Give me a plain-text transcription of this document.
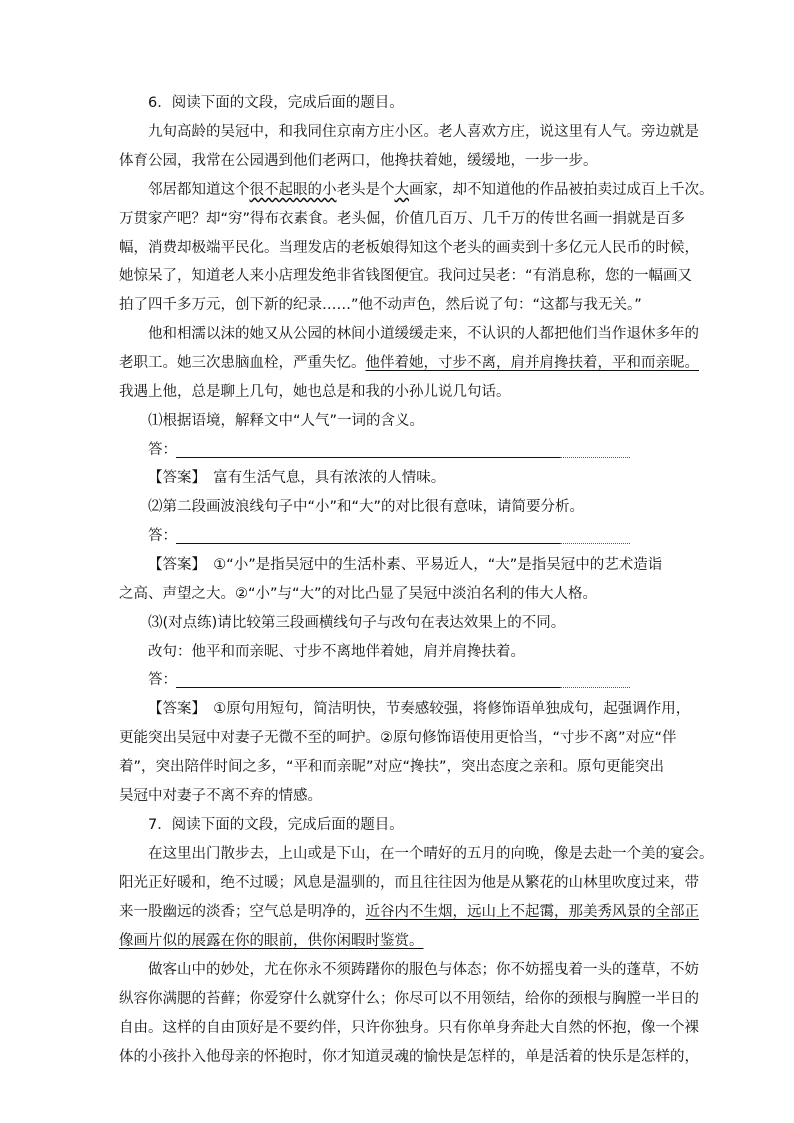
6．阅读下面的文段，完成后面的题目。
九旬高龄的吴冠中，和我同住京南方庄小区。老人喜欢方庄，说这里有人气。旁边就是
体育公园，我常在公园遇到他们老两口，他搀扶着她，缓缓地，一步一步。
邻居都知道这个很不起眼的小老头是个大画家，却不知道他的作品被拍卖过成百上千次。
万贯家产吧？却“穷”得布衣素食。老头倔，价值几百万、几千万的传世名画一捐就是百多
幅，消费却极端平民化。当理发店的老板娘得知这个老头的画卖到十多亿元人民币的时候，
她惊呆了，知道老人来小店理发绝非省钱图便宜。我问过吴老：“有消息称，您的一幅画又
拍了四千多万元，创下新的纪录……”他不动声色，然后说了句：“这都与我无关。”
他和相濡以沫的她又从公园的林间小道缓缓走来，不认识的人都把他们当作退休多年的
老职工。她三次患脑血栓，严重失忆。他伴着她，寸步不离，肩并肩搀扶着，平和而亲昵。
我遇上他，总是聊上几句，她也总是和我的小孙儿说几句话。
⑴根据语境，解释文中“人气”一词的含义。
答：
【答案】　富有生活气息，具有浓浓的人情味。
⑵第二段画波浪线句子中“小”和“大”的对比很有意味，请简要分析。
答：
【答案】　①“小”是指吴冠中的生活朴素、平易近人，“大”是指吴冠中的艺术造诣
之高、声望之大。②“小”与“大”的对比凸显了吴冠中淡泊名利的伟大人格。
⑶(对点练)请比较第三段画横线句子与改句在表达效果上的不同。
改句：他平和而亲昵、寸步不离地伴着她，肩并肩搀扶着。
答：
【答案】　①原句用短句，简洁明快，节奏感较强，将修饰语单独成句，起强调作用，
更能突出吴冠中对妻子无微不至的呵护。②原句修饰语使用更恰当，“寸步不离”对应“伴
着”，突出陪伴时间之多，“平和而亲昵”对应“搀扶”，突出态度之亲和。原句更能突出
吴冠中对妻子不离不弃的情感。
7．阅读下面的文段，完成后面的题目。
在这里出门散步去，上山或是下山，在一个晴好的五月的向晚，像是去赴一个美的宴会。
阳光正好暖和，绝不过暖；风息是温驯的，而且往往因为他是从繁花的山林里吹度过来，带
来一股幽远的淡香；空气总是明净的，近谷内不生烟，远山上不起霭，那美秀风景的全部正
像画片似的展露在你的眼前，供你闲暇时鉴赏。
做客山中的妙处，尤在你永不须踌躇你的服色与体态；你不妨摇曳着一头的蓬草，不妨
纵容你满腮的苔藓；你爱穿什么就穿什么；你尽可以不用领结，给你的颈根与胸膛一半日的
自由。这样的自由顶好是不要约伴，只许你独身。只有你单身奔赴大自然的怀抱，像一个裸
体的小孩扑入他母亲的怀抱时，你才知道灵魂的愉快是怎样的，单是活着的快乐是怎样的，
